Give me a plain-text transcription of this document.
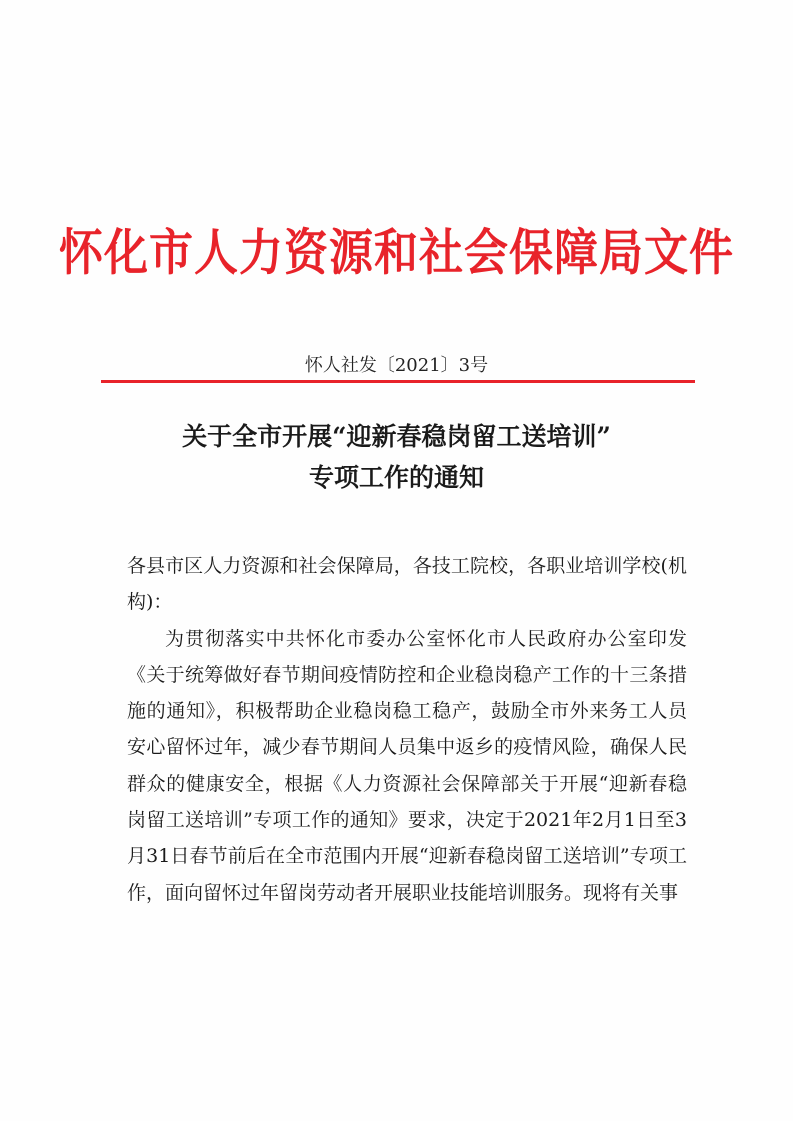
怀化市人力资源和社会保障局文件
怀人社发〔2021〕3号
关于全市开展“迎新春稳岗留工送培训”
专项工作的通知

各县市区人力资源和社会保障局，各技工院校，各职业培训学校(机构)：

为贯彻落实中共怀化市委办公室怀化市人民政府办公室印发《关于统筹做好春节期间疫情防控和企业稳岗稳产工作的十三条措施的通知》，积极帮助企业稳岗稳工稳产，鼓励全市外来务工人员安心留怀过年，减少春节期间人员集中返乡的疫情风险，确保人民群众的健康安全，根据《人力资源社会保障部关于开展“迎新春稳岗留工送培训”专项工作的通知》要求，决定于2021年2月1日至3月31日春节前后在全市范围内开展“迎新春稳岗留工送培训”专项工作，面向留怀过年留岗劳动者开展职业技能培训服务。现将有关事
